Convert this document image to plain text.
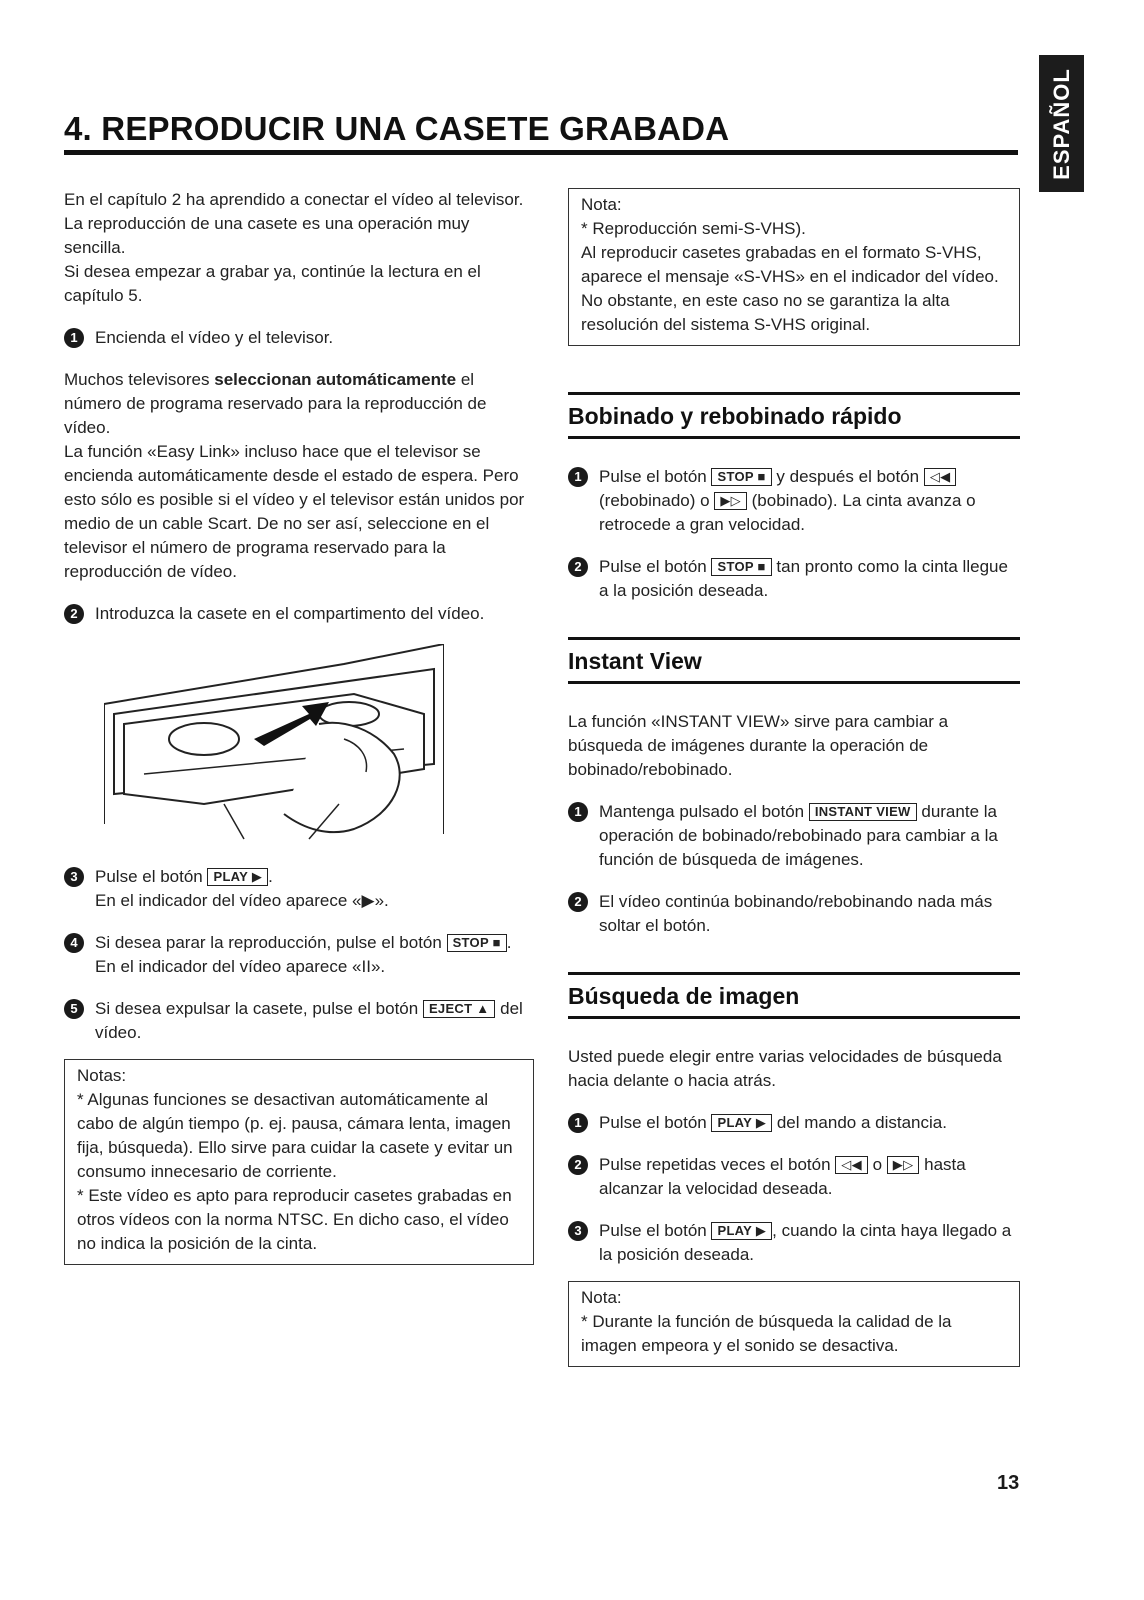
ESPAÑOL
4. REPRODUCIR UNA CASETE GRABADA

En el capítulo 2 ha aprendido a conectar el vídeo al televisor. La reproducción de una casete es una operación muy sencilla.

Si desea empezar a grabar ya, continúe la lectura en el capítulo 5.

1	Encienda el vídeo y el televisor.

Muchos televisores seleccionan automáticamente el número de programa reservado para la reproducción de vídeo.

La función «Easy Link» incluso hace que el televisor se encienda automáticamente desde el estado de espera. Pero esto sólo es posible si el vídeo y el televisor están unidos por medio de un cable Scart. De no ser así, seleccione en el televisor el número de programa reservado para la reproducción de vídeo.

2	Introduzca la casete en el compartimento del vídeo.
3	Pulse el botón PLAY ▶ .
En el indicador del vídeo aparece «▶».
4	Si desea parar la reproducción, pulse el botón STOP ■ . En el indicador del vídeo aparece «II».
5	Si desea expulsar la casete, pulse el botón EJECT ▲ del vídeo.

Notas:

* Algunas funciones se desactivan automáticamente al cabo de algún tiempo (p. ej. pausa, cámara lenta, imagen fija, búsqueda). Ello sirve para cuidar la casete y evitar un consumo innecesario de corriente.

* Este vídeo es apto para reproducir casetes grabadas en otros vídeos con la norma NTSC. En dicho caso, el vídeo no indica la posición de la cinta.

Nota:

* Reproducción semi-S-VHS).

Al reproducir casetes grabadas en el formato S-VHS, aparece el mensaje «S-VHS» en el indicador del vídeo.

No obstante, en este caso no se garantiza la alta resolución del sistema S-VHS original.

Bobinado y rebobinado rápido
1	Pulse el botón STOP ■ y después el botón ◁◀ (rebobinado) o ▶▷ (bobinado). La cinta avanza o retrocede a gran velocidad.
2	Pulse el botón STOP ■ tan pronto como la cinta llegue a la posición deseada.
Instant View

La función «INSTANT VIEW» sirve para cambiar a búsqueda de imágenes durante la operación de bobinado/rebobinado.

1	Mantenga pulsado el botón INSTANT VIEW durante la operación de bobinado/rebobinado para cambiar a la función de búsqueda de imágenes.
2	El vídeo continúa bobinando/rebobinando nada más soltar el botón.
Búsqueda de imagen

Usted puede elegir entre varias velocidades de búsqueda hacia delante o hacia atrás.

1	Pulse el botón PLAY ▶ del mando a distancia.
2	Pulse repetidas veces el botón ◁◀ o ▶▷ hasta alcanzar la velocidad deseada.
3	Pulse el botón PLAY ▶ , cuando la cinta haya llegado a la posición deseada.

Nota:

* Durante la función de búsqueda la calidad de la imagen empeora y el sonido se desactiva.

13
